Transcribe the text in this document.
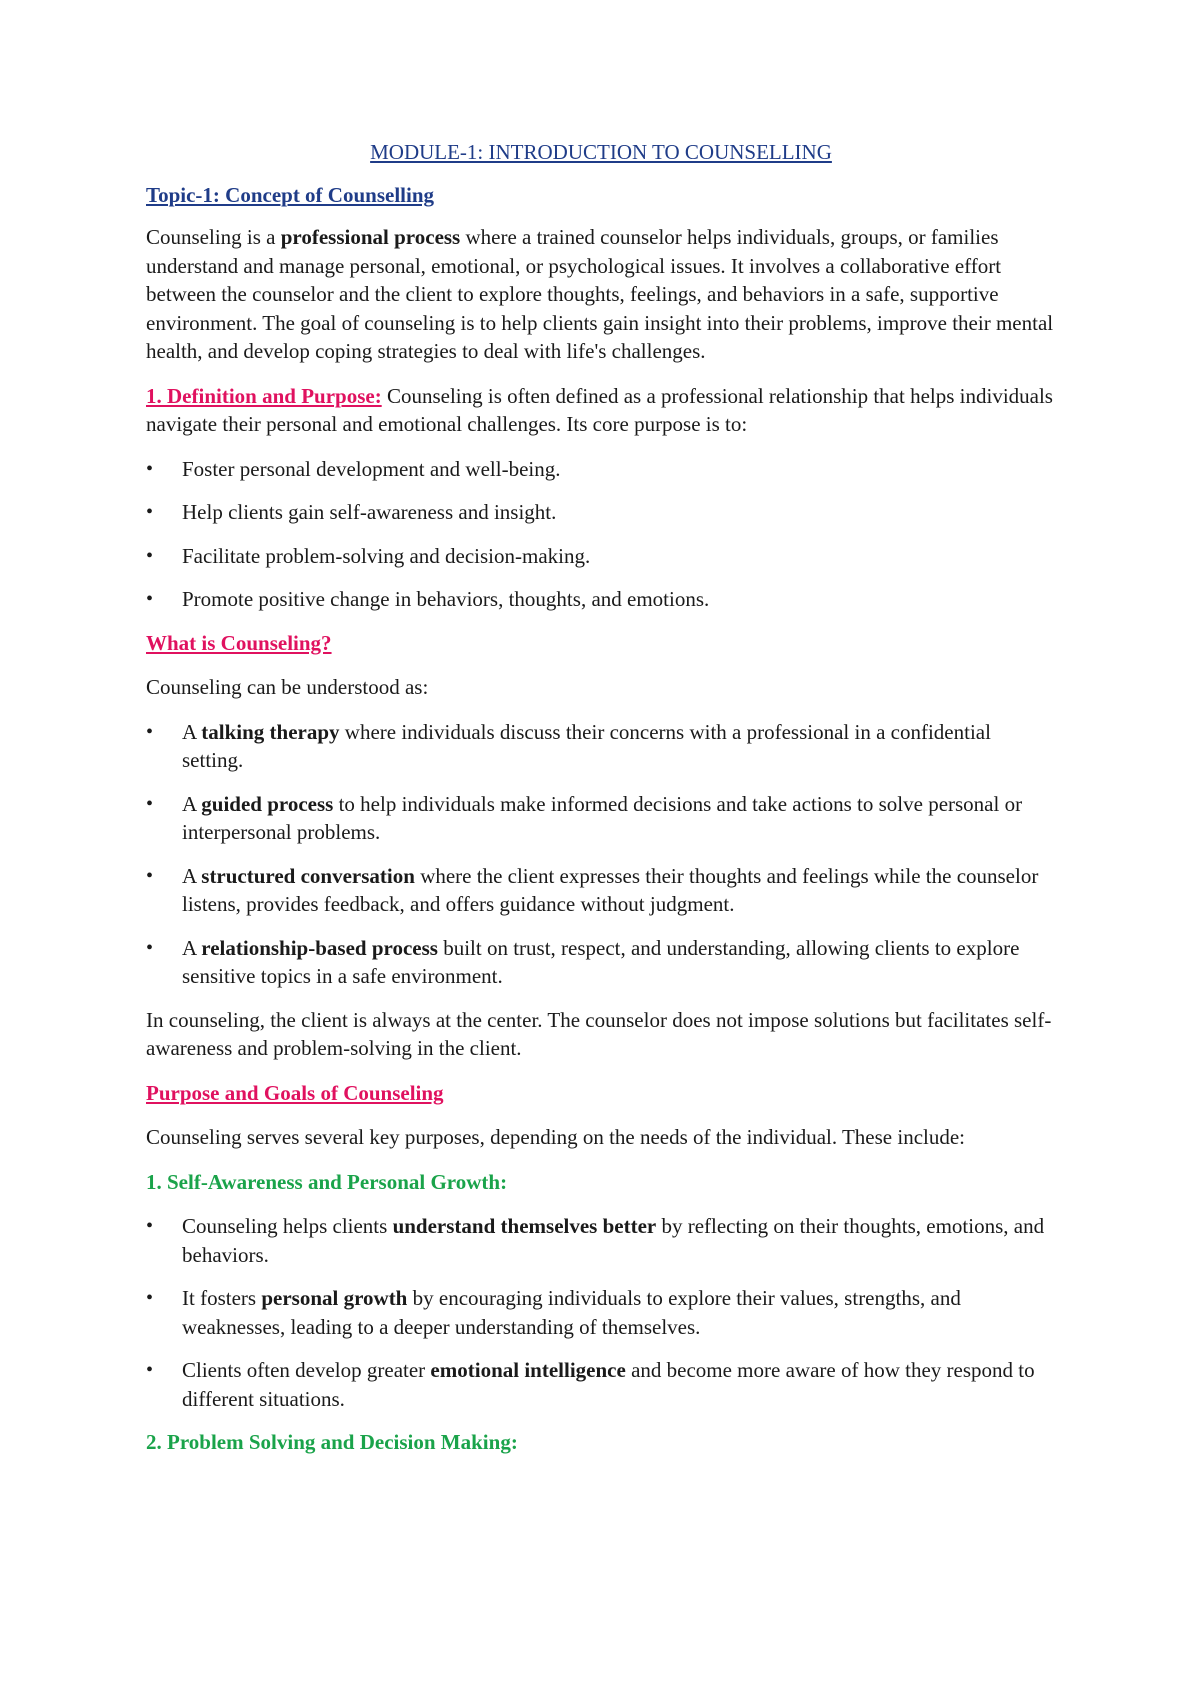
MODULE-1: INTRODUCTION TO COUNSELLING

Topic-1: Concept of Counselling

Counseling is a professional process where a trained counselor helps individuals, groups, or families understand and manage personal, emotional, or psychological issues. It involves a collaborative effort between the counselor and the client to explore thoughts, feelings, and behaviors in a safe, supportive environment. The goal of counseling is to help clients gain insight into their problems, improve their mental health, and develop coping strategies to deal with life's challenges.

1. Definition and Purpose: Counseling is often defined as a professional relationship that helps individuals navigate their personal and emotional challenges. Its core purpose is to:

• Foster personal development and well-being.
• Help clients gain self-awareness and insight.
• Facilitate problem-solving and decision-making.
• Promote positive change in behaviors, thoughts, and emotions.

What is Counseling?

Counseling can be understood as:

• A talking therapy where individuals discuss their concerns with a professional in a confidential setting.
• A guided process to help individuals make informed decisions and take actions to solve personal or interpersonal problems.
• A structured conversation where the client expresses their thoughts and feelings while the counselor listens, provides feedback, and offers guidance without judgment.
• A relationship-based process built on trust, respect, and understanding, allowing clients to explore sensitive topics in a safe environment.

In counseling, the client is always at the center. The counselor does not impose solutions but facilitates self-awareness and problem-solving in the client.

Purpose and Goals of Counseling

Counseling serves several key purposes, depending on the needs of the individual. These include:

1. Self-Awareness and Personal Growth:

• Counseling helps clients understand themselves better by reflecting on their thoughts, emotions, and behaviors.
• It fosters personal growth by encouraging individuals to explore their values, strengths, and weaknesses, leading to a deeper understanding of themselves.
• Clients often develop greater emotional intelligence and become more aware of how they respond to different situations.

2. Problem Solving and Decision Making:
